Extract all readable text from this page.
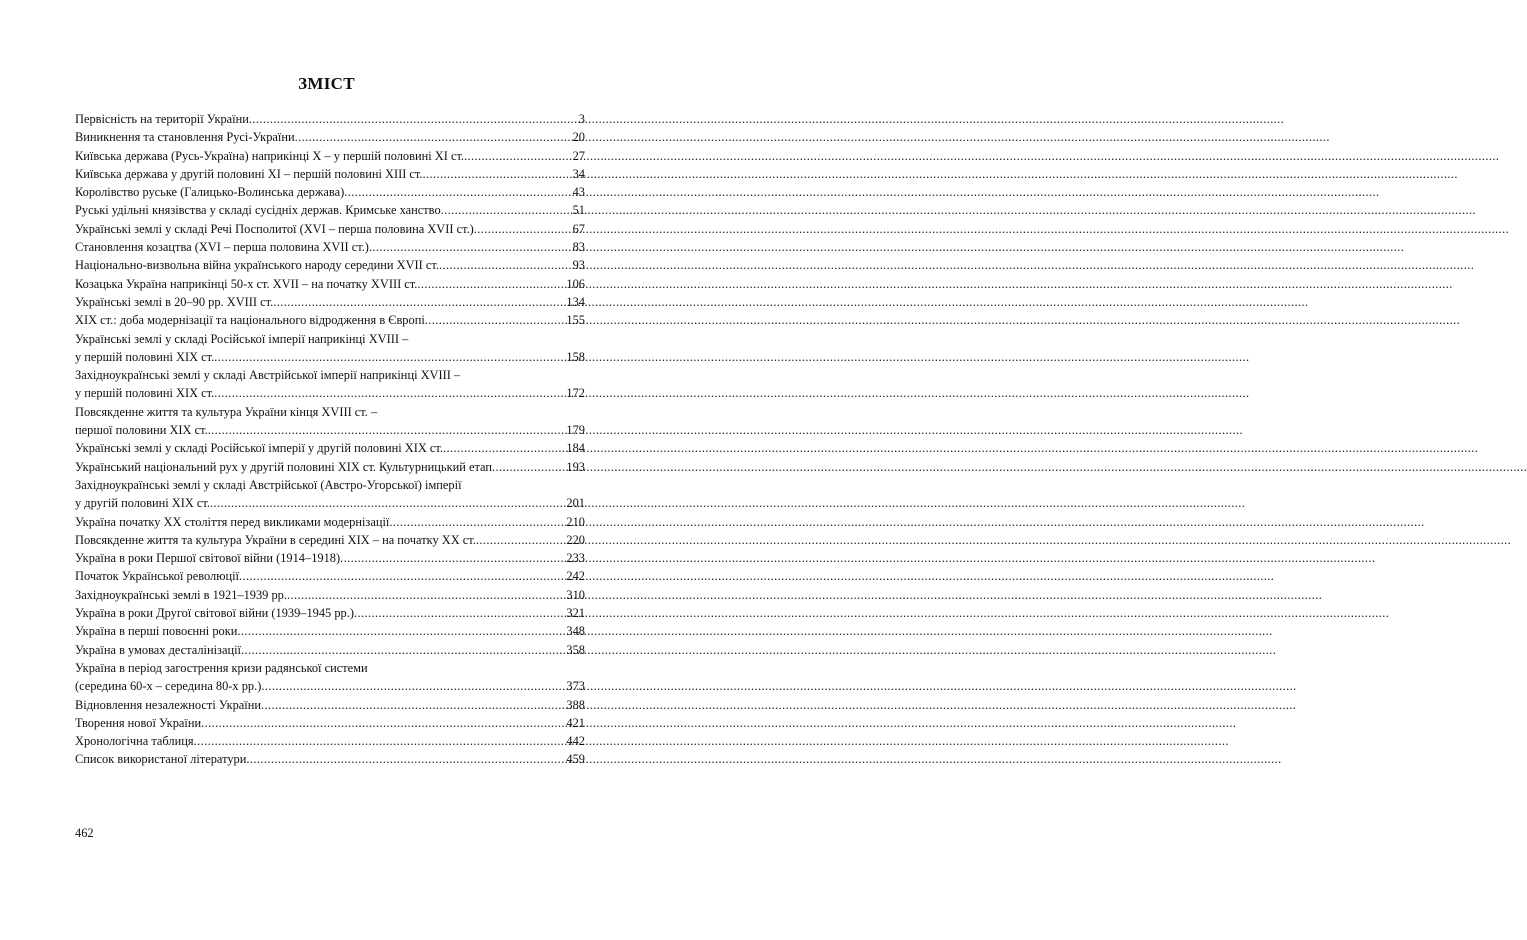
ЗМІСТ
Первісність на території України .....	3
Виникнення та становлення Русі-України .....	20
Київська держава (Русь-Україна) наприкінці Х – у першій половині ХІ ст. .....	27
Київська держава у другій половині ХІ – першій половині ХІІІ ст. .....	34
Королівство руське (Галицько-Волинська держава) .....	43
Руські удільні князівства у складі сусідніх держав. Кримське ханство .....	51
Українські землі у складі Речі Посполитої (XVI – перша половина XVII ст.) .....	67
Становлення козацтва (XVI – перша половина XVII ст.) .....	83
Національно-визвольна війна українського народу середини XVII ст. .....	93
Козацька Україна наприкінці 50-х ст. XVII – на початку XVIII ст. .....	106
Українські землі в 20–90 рр. XVIII ст. .....	134
ХІХ ст.: доба модернізації та національного відродження в Європі .....	155
Українські землі у складі Російської імперії наприкінці XVIII –
у першій половині ХІХ ст. .....	158
Західноукраїнські землі у складі Австрійської імперії наприкінці XVIII –
у першій половині ХІХ ст. .....	172
Повсякденне життя та культура України кінця XVIII ст. –
першої половини ХІХ ст. .....	179
Українські землі у складі Російської імперії у другій половині ХІХ ст. .....	184
Український національний рух у другій половині ХІХ ст. Культурницький етап .....	193
Західноукраїнські землі у складі Австрійської (Австро-Угорської) імперії
у другій половині ХІХ ст. .....	201
Україна початку ХХ століття перед викликами модернізації .....	210
Повсякденне життя та культура України в середині ХІХ – на початку ХХ ст. .....	220
Україна в роки Першої світової війни (1914–1918) .....	233
Початок Української революції .....	242
Західноукраїнські землі в 1921–1939 рр. .....	310
Україна в роки Другої світової війни (1939–1945 рр.) .....	321
Україна в перші повоєнні роки .....	348
Україна в умовах десталінізації .....	358
Україна в період загострення кризи радянської системи
(середина 60-х – середина 80-х рр.) .....	373
Відновлення незалежності України .....	388
Творення нової України .....	421
Хронологічна таблиця .....	442
Список використаної літератури .....	459
462
